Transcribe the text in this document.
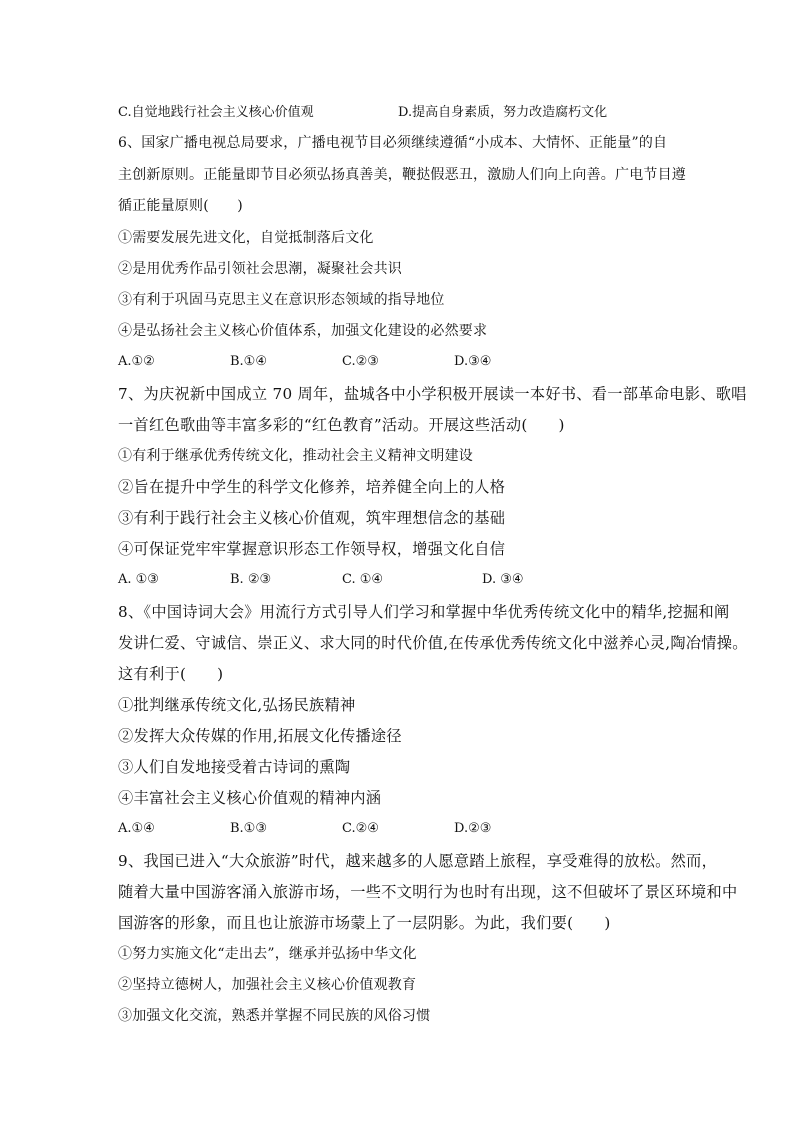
C.自觉地践行社会主义核心价值观	D.提高自身素质，努力改造腐朽文化
6、国家广播电视总局要求，广播电视节目必须继续遵循“小成本、大情怀、正能量”的自
主创新原则。正能量即节目必须弘扬真善美，鞭挞假恶丑，激励人们向上向善。广电节目遵
循正能量原则(　　)
①需要发展先进文化，自觉抵制落后文化
②是用优秀作品引领社会思潮，凝聚社会共识
③有利于巩固马克思主义在意识形态领域的指导地位
④是弘扬社会主义核心价值体系，加强文化建设的必然要求
A.①②	B.①④	C.②③	D.③④
7、为庆祝新中国成立 70 周年，盐城各中小学积极开展读一本好书、看一部革命电影、歌唱
一首红色歌曲等丰富多彩的“红色教育”活动。开展这些活动(　　)
①有利于继承优秀传统文化，推动社会主义精神文明建设
②旨在提升中学生的科学文化修养，培养健全向上的人格
③有利于践行社会主义核心价值观，筑牢理想信念的基础
④可保证党牢牢掌握意识形态工作领导权，增强文化自信
A. ①③	B. ②③	C. ①④	D. ③④
8、《中国诗词大会》用流行方式引导人们学习和掌握中华优秀传统文化中的精华,挖掘和阐
发讲仁爱、守诚信、崇正义、求大同的时代价值,在传承优秀传统文化中滋养心灵,陶冶情操。
这有利于(　　)
①批判继承传统文化,弘扬民族精神
②发挥大众传媒的作用,拓展文化传播途径
③人们自发地接受着古诗词的熏陶
④丰富社会主义核心价值观的精神内涵
A.①④	B.①③	C.②④	D.②③
9、我国已进入“大众旅游”时代，越来越多的人愿意踏上旅程，享受难得的放松。然而，
随着大量中国游客涌入旅游市场，一些不文明行为也时有出现，这不但破坏了景区环境和中
国游客的形象，而且也让旅游市场蒙上了一层阴影。为此，我们要(　　)
①努力实施文化“走出去”，继承并弘扬中华文化
②坚持立德树人，加强社会主义核心价值观教育
③加强文化交流，熟悉并掌握不同民族的风俗习惯
